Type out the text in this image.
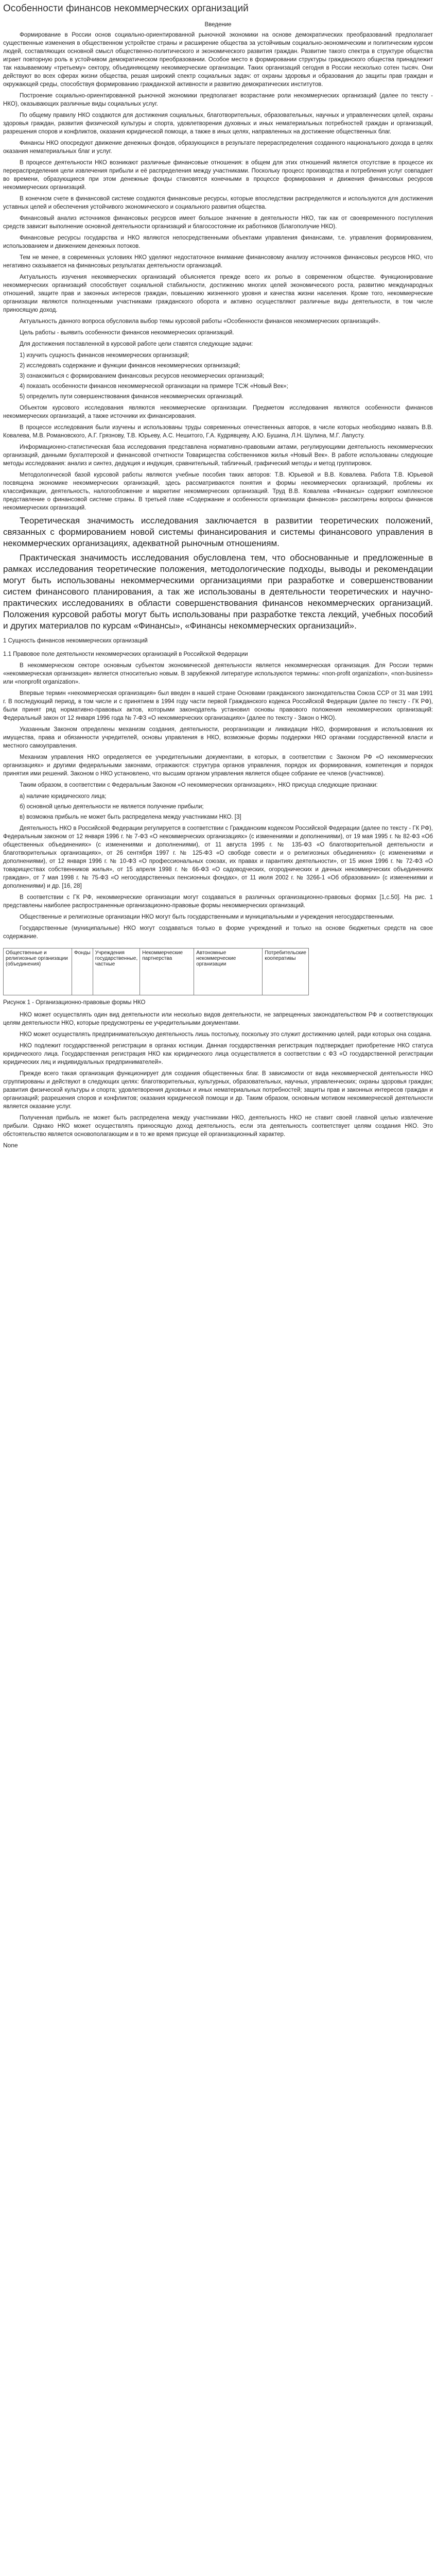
Особенности финансов некоммерческих организаций
Введение

Формирование в России основ социально-ориентированной рыночной экономики на основе демократических преобразований предполагает существенные изменения в общественном устройстве страны и расширение общества за устойчивым социально-экономическим и политическим курсом людей, составляющих основной смысл общественно-политического и экономического развития граждан. Развитие такого спектра в структуре общества играет повторную роль в устойчивом демократическом преобразовании. Особое место в формировании структуры гражданского общества принадлежит так называемому «третьему» сектору, объединяющему некоммерческие организации. Таких организаций сегодня в России несколько сотен тысяч. Они действуют во всех сферах жизни общества, решая широкий спектр социальных задач: от охраны здоровья и образования до защиты прав граждан и окружающей среды, способствуя формированию гражданской активности и развитию демократических институтов.

Построение социально-ориентированной рыночной экономики предполагает возрастание роли некоммерческих организаций (далее по тексту - НКО), оказывающих различные виды социальных услуг.

По общему правилу НКО создаются для достижения социальных, благотворительных, образовательных, научных и управленческих целей, охраны здоровья граждан, развития физической культуры и спорта, удовлетворения духовных и иных нематериальных потребностей граждан и организаций, разрешения споров и конфликтов, оказания юридической помощи, а также в иных целях, направленных на достижение общественных благ.

Финансы НКО опосредуют движение денежных фондов, образующихся в результате перераспределения созданного национального дохода в целях оказания нематериальных благ и услуг.

В процессе деятельности НКО возникают различные финансовые отношения: в общем для этих отношений является отсутствие в процессе их перераспределения цели извлечения прибыли и её распределения между участниками. Поскольку процесс производства и потребления услуг совпадает во времени, образующиеся при этом денежные фонды становятся конечными в процессе формирования и движения финансовых ресурсов некоммерческих организаций.

В конечном счете в финансовой системе создаются финансовые ресурсы, которые впоследствии распределяются и используются для достижения уставных целей и обеспечения устойчивого экономического и социального развития общества.

Финансовый анализ источников финансовых ресурсов имеет большое значение в деятельности НКО, так как от своевременного поступления средств зависит выполнение основной деятельности организаций и благосостояние их работников (Благополучие НКО).

Финансовые ресурсы государства и НКО являются непосредственными объектами управления финансами, т.е. управления формированием, использованием и движением денежных потоков.

Тем не менее, в современных условиях НКО уделяют недостаточное внимание финансовому анализу источников финансовых ресурсов НКО, что негативно сказывается на финансовых результатах деятельности организаций.

Актуальность изучения некоммерческих организаций объясняется прежде всего их ролью в современном обществе. Функционирование некоммерческих организаций способствует социальной стабильности, достижению многих целей экономического роста, развитию международных отношений, защите прав и законных интересов граждан, повышению жизненного уровня и качества жизни населения. Кроме того, некоммерческие организации являются полноценными участниками гражданского оборота и активно осуществляют различные виды деятельности, в том числе приносящую доход.

Актуальность данного вопроса обусловила выбор темы курсовой работы «Особенности финансов некоммерческих организаций».

Цель работы - выявить особенности финансов некоммерческих организаций.

Для достижения поставленной в курсовой работе цели ставятся следующие задачи:

1) изучить сущность финансов некоммерческих организаций;
2) исследовать содержание и функции финансов некоммерческих организаций;
3) ознакомиться с формированием финансовых ресурсов некоммерческих организаций;
4) показать особенности финансов некоммерческой организации на примере ТСЖ «Новый Век»;
5) определить пути совершенствования финансов некоммерческих организаций.

Объектом курсового исследования являются некоммерческие организации. Предметом исследования являются особенности финансов некоммерческих организаций, а также источники их финансирования.

В процессе исследования были изучены и использованы труды современных отечественных авторов, в числе которых необходимо назвать В.В. Ковалева, М.В. Романовского, А.Г. Грязнову, Т.В. Юрьеву, А.С. Нешитого, Г.А. Кудрявцеву, А.Ю. Бушина, Л.Н. Шулина, М.Г. Лапусту.

Информационно-статистическая база исследования представлена нормативно-правовыми актами, регулирующими деятельность некоммерческих организаций, данными бухгалтерской и финансовой отчетности Товарищества собственников жилья «Новый Век». В работе использованы следующие методы исследования: анализ и синтез, дедукция и индукция, сравнительный, табличный, графический методы и метод группировок.

Методологической базой курсовой работы являются учебные пособия таких авторов: Т.В. Юрьевой и В.В. Ковалева. Работа Т.В. Юрьевой посвящена экономике некоммерческих организаций, здесь рассматриваются понятия и формы некоммерческих организаций, проблемы их классификации, деятельность, налогообложение и маркетинг некоммерческих организаций. Труд В.В. Ковалева «Финансы» содержит комплексное представление о финансовой системе страны. В третьей главе «Содержание и особенности организации финансов» рассмотрены вопросы финансов некоммерческих организаций.

Теоретическая значимость исследования заключается в развитии теоретических положений, связанных с формированием новой системы финансирования и системы финансового управления в некоммерческих организациях, адекватной рыночным отношениям.

Практическая значимость исследования обусловлена тем, что обоснованные и предложенные в рамках исследования теоретические положения, методологические подходы, выводы и рекомендации могут быть использованы некоммерческими организациями при разработке и совершенствовании систем финансового планирования, а так же использованы в деятельности теоретических и научно-практических исследованиях в области совершенствования финансов некоммерческих организаций. Положения курсовой работы могут быть использованы при разработке текста лекций, учебных пособий и других материалов по курсам «Финансы», «Финансы некоммерческих организаций».

1 Сущность финансов некоммерческих организаций
1.1 Правовое поле деятельности некоммерческих организаций в Российской Федерации

В некоммерческом секторе основным субъектом экономической деятельности является некоммерческая организация. Для России термин «некоммерческая организация» является относительно новым. В зарубежной литературе используются термины: «non-profit organization», «non-business» или «nonprofit organization».

Впервые термин «некоммерческая организация» был введен в нашей стране Основами гражданского законодательства Союза ССР от 31 мая 1991 г. В последующий период, в том числе и с принятием в 1994 году части первой Гражданского кодекса Российской Федерации (далее по тексту - ГК РФ), были принят ряд нормативно-правовых актов, которыми законодатель установил основы правового положения некоммерческих организаций: Федеральный закон от 12 января 1996 года № 7-ФЗ «О некоммерческих организациях» (далее по тексту - Закон о НКО).

Указанным Законом определены механизм создания, деятельности, реорганизации и ликвидации НКО, формирования и использования их имущества, права и обязанности учредителей, основы управления в НКО, возможные формы поддержки НКО органами государственной власти и местного самоуправления.

Механизм управления НКО определяется ее учредительными документами, в которых, в соответствии с Законом РФ «О некоммерческих организациях» и другими федеральными законами, отражаются: структура органов управления, порядок их формирования, компетенция и порядок принятия ими решений. Законом о НКО установлено, что высшим органом управления является общее собрание ее членов (участников).

Таким образом, в соответствии с Федеральным Законом «О некоммерческих организациях», НКО присуща следующие признаки:

а) наличие юридического лица;
б) основной целью деятельности не является получение прибыли;
в) возможна прибыль не может быть распределена между участниками НКО. [3]

Деятельность НКО в Российской Федерации регулируется в соответствии с Гражданским кодексом Российской Федерации (далее по тексту - ГК РФ), Федеральным законом от 12 января 1996 г. № 7-ФЗ «О некоммерческих организациях» (с изменениями и дополнениями), от 19 мая 1995 г. № 82-ФЗ «Об общественных объединениях» (с изменениями и дополнениями), от 11 августа 1995 г. № 135-ФЗ «О благотворительной деятельности и благотворительных организациях», от 26 сентября 1997 г. № 125-ФЗ «О свободе совести и о религиозных объединениях» (с изменениями и дополнениями), от 12 января 1996 г. № 10-ФЗ «О профессиональных союзах, их правах и гарантиях деятельности», от 15 июня 1996 г. № 72-ФЗ «О товариществах собственников жилья», от 15 апреля 1998 г. № 66-ФЗ «О садоводческих, огороднических и дачных некоммерческих объединениях граждан», от 7 мая 1998 г. № 75-ФЗ «О негосударственных пенсионных фондах», от 11 июля 2002 г. № 3266-1 «Об образовании» (с изменениями и дополнениями) и др. [16, 28]

В соответствии с ГК РФ, некоммерческие организации могут создаваться в различных организационно-правовых формах [1,с.50]. На рис. 1 представлены наиболее распространенные организационно-правовые формы некоммерческих организаций.

Общественные и религиозные организации НКО могут быть государственными и муниципальными и учреждения негосударственными.

Государственные (муниципальные) НКО могут создаваться только в форме учреждений и только на основе бюджетных средств на свое содержание.

Общественные и религиозные организации (объединения)	Фонды	Учреждения государственные, частные	Некоммерческие партнерства	Автономные некоммерческие организации	Потребительские кооперативы
Рисунок 1 - Организационно-правовые формы НКО

НКО может осуществлять один вид деятельности или несколько видов деятельности, не запрещенных законодательством РФ и соответствующих целям деятельности НКО, которые предусмотрены ее учредительными документами.

НКО может осуществлять предпринимательскую деятельность лишь постольку, поскольку это служит достижению целей, ради которых она создана.

НКО подлежит государственной регистрации в органах юстиции. Данная государственная регистрация подтверждает приобретение НКО статуса юридического лица. Государственная регистрация НКО как юридического лица осуществляется в соответствии с ФЗ «О государственной регистрации юридических лиц и индивидуальных предпринимателей».

Прежде всего такая организация функционирует для создания общественных благ. В зависимости от вида некоммерческой деятельности НКО сгруппированы и действуют в следующих целях: благотворительных, культурных, образовательных, научных, управленческих; охраны здоровья граждан; развития физической культуры и спорта; удовлетворения духовных и иных нематериальных потребностей; защиты прав и законных интересов граждан и организаций; разрешения споров и конфликтов; оказания юридической помощи и др. Таким образом, основным мотивом некоммерческой деятельности является оказание услуг.

Полученная прибыль не может быть распределена между участниками НКО, деятельность НКО не ставит своей главной целью извлечение прибыли. Однако НКО может осуществлять приносящую доход деятельность, если эта деятельность соответствует целям создания НКО. Это обстоятельство является основополагающим и в то же время присуще ей организационный характер.

None
